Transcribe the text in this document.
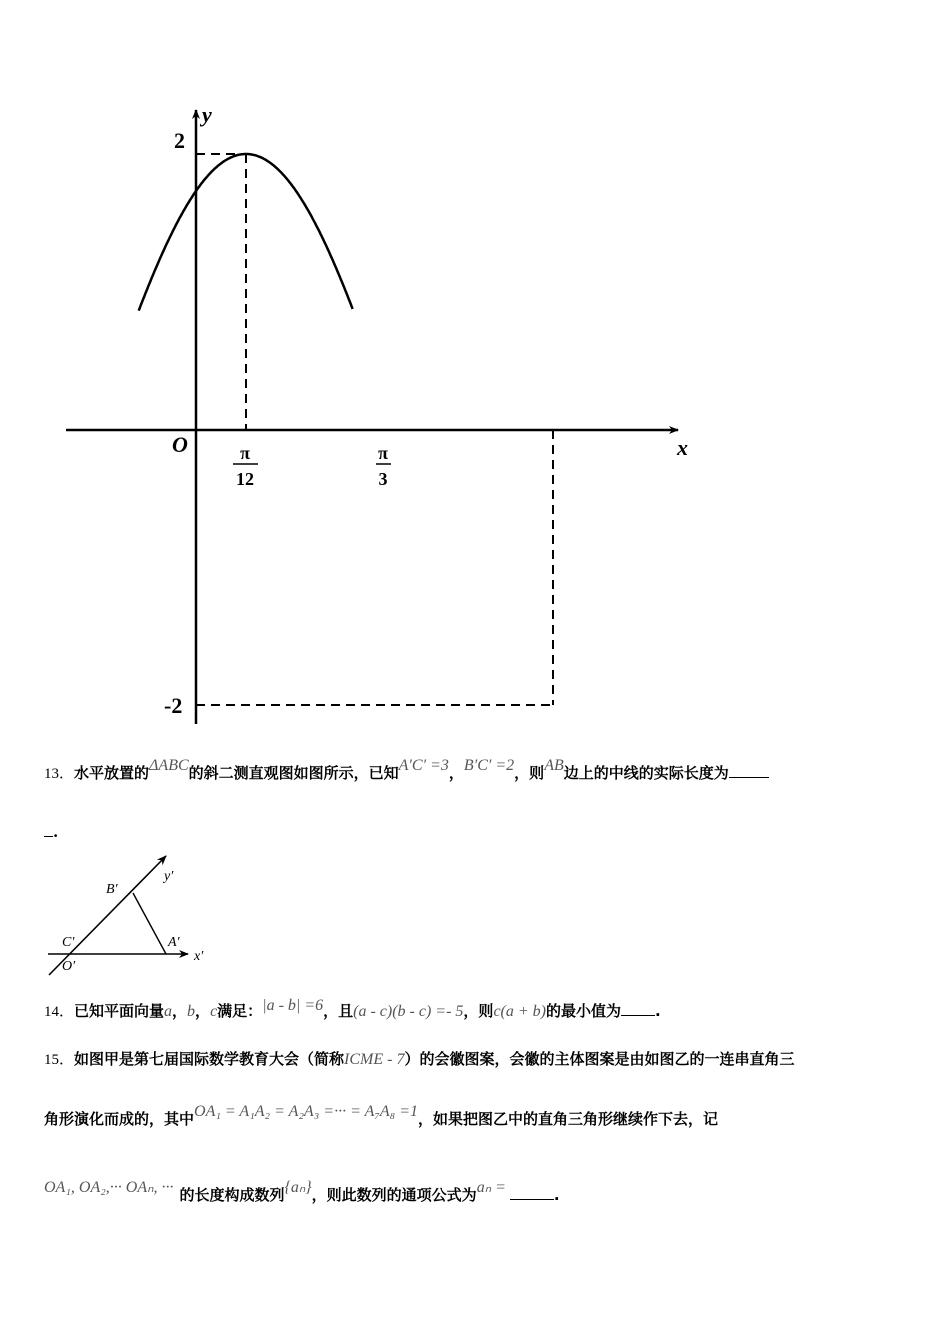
y
x
O
2
-2
π
12
π
3
13．水平放置的ΔABC的斜二测直观图如图所示，已知A′C′ =3，B′C′ =2，则AB边上的中线的实际长度为
.
y′
x′
B′
C′	A′
O′
14．已知平面向量a，b，c满足：|a - b| =6，且(a - c)(b - c) =- 5，则c(a + b)的最小值为 .
15．如图甲是第七届国际数学教育大会（简称ICME - 7）的会徽图案，会徽的主体图案是由如图乙的一连串直角三
角形演化而成的，其中OA₁ = A₁A₂ = A₂A₃ =··· = A₇A₈ =1，如果把图乙中的直角三角形继续作下去，记
OA₁, OA₂,··· OAₙ, ··· 的长度构成数列{aₙ}，则此数列的通项公式为aₙ =	.
